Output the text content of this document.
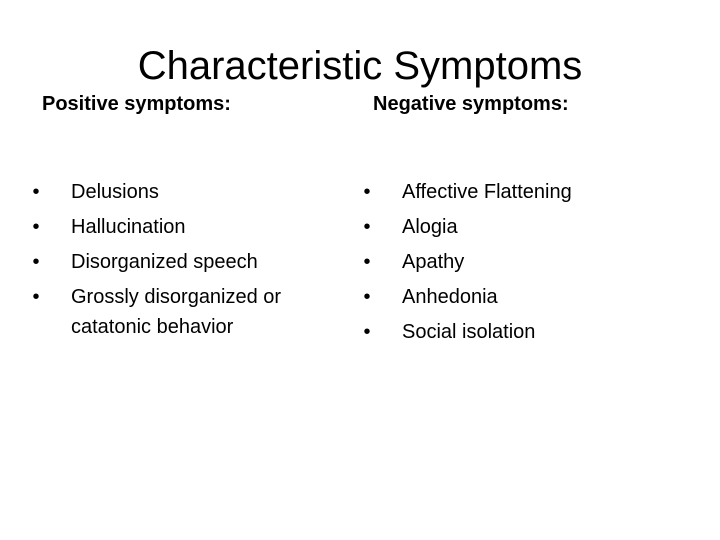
Characteristic Symptoms
Positive symptoms:	Negative symptoms:
• Delusions
• Hallucination
• Disorganized speech
• Grossly disorganized or catatonic behavior
• Affective Flattening
• Alogia
• Apathy
• Anhedonia
• Social isolation
